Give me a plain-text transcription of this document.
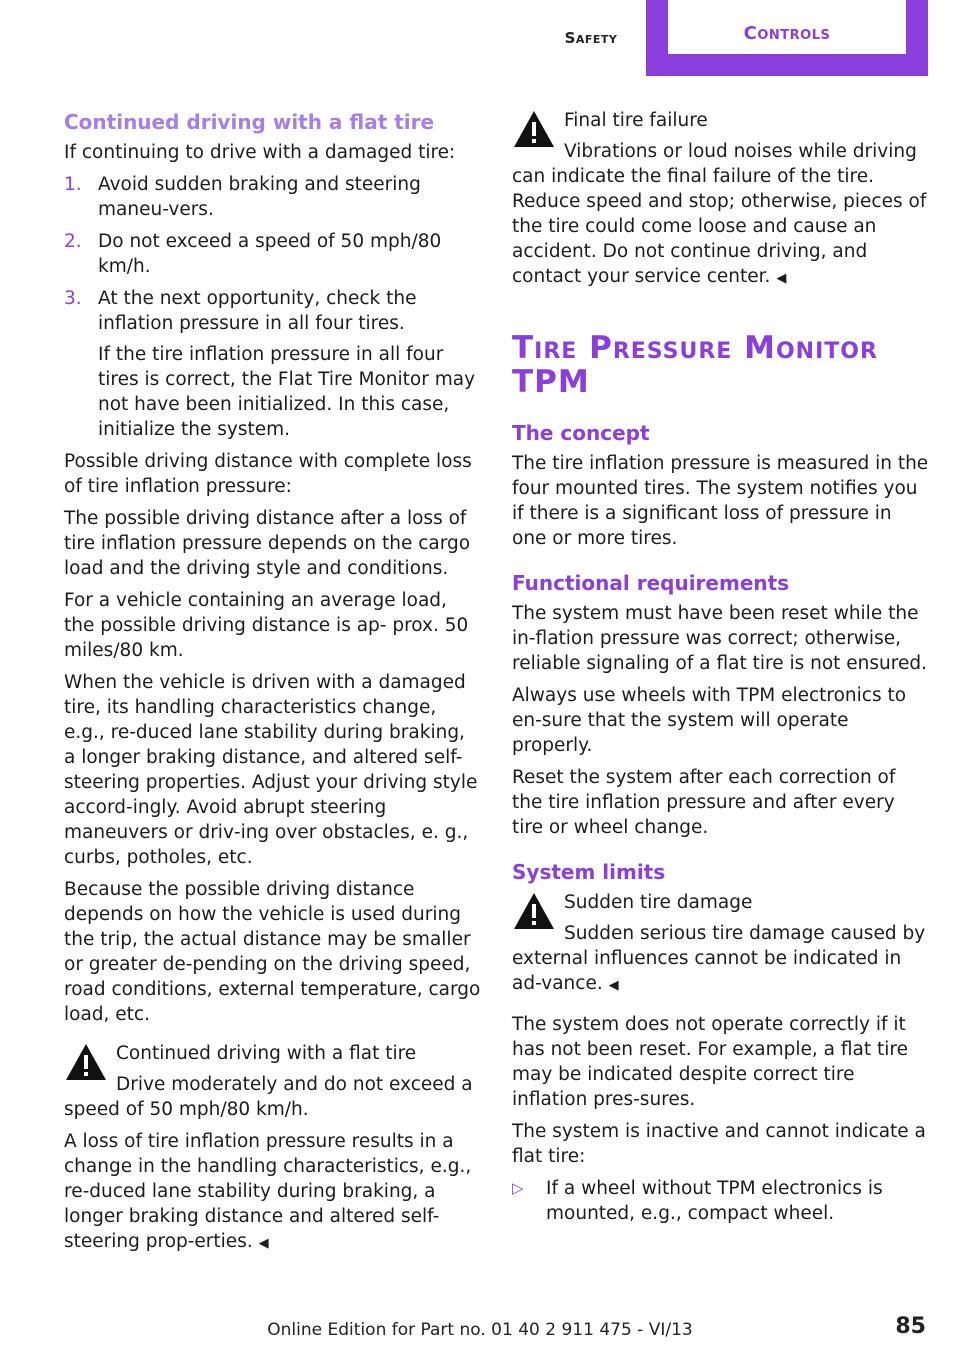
Safety	Controls
Continued driving with a flat tire

If continuing to drive with a damaged tire:

1. Avoid sudden braking and steering maneu‐vers.
2. Do not exceed a speed of 50 mph/80 km/h.
3. At the next opportunity, check the inflation pressure in all four tires.

If the tire inflation pressure in all four tires is correct, the Flat Tire Monitor may not have been initialized. In this case, initialize the system.

Possible driving distance with complete loss of tire inflation pressure:

The possible driving distance after a loss of tire inflation pressure depends on the cargo load and the driving style and conditions.

For a vehicle containing an average load, the possible driving distance is ap‐ prox. 50 miles/80 km.

When the vehicle is driven with a damaged tire, its handling characteristics change, e.g., re‐duced lane stability during braking, a longer braking distance, and altered self-steering properties. Adjust your driving style accord‐ingly. Avoid abrupt steering maneuvers or driv‐ing over obstacles, e. g., curbs, potholes, etc.

Because the possible driving distance depends on how the vehicle is used during the trip, the actual distance may be smaller or greater de‐pending on the driving speed, road conditions, external temperature, cargo load, etc.

Continued driving with a flat tire
Drive moderately and do not exceed a speed of 50 mph/80 km/h.

A loss of tire inflation pressure results in a change in the handling characteristics, e.g., re‐duced lane stability during braking, a longer braking distance and altered self-steering prop‐erties. ◀

Final tire failure
Vibrations or loud noises while driving can indicate the final failure of the tire. Reduce speed and stop; otherwise, pieces of the tire could come loose and cause an accident. Do not continue driving, and contact your service center. ◀
Tire Pressure Monitor TPM
The concept

The tire inflation pressure is measured in the four mounted tires. The system notifies you if there is a significant loss of pressure in one or more tires.

Functional requirements

The system must have been reset while the in‐flation pressure was correct; otherwise, reliable signaling of a flat tire is not ensured.

Always use wheels with TPM electronics to en‐sure that the system will operate properly.

Reset the system after each correction of the tire inflation pressure and after every tire or wheel change.

System limits
Sudden tire damage
Sudden serious tire damage caused by external influences cannot be indicated in ad‐vance. ◀

The system does not operate correctly if it has not been reset. For example, a flat tire may be indicated despite correct tire inflation pres‐sures.

The system is inactive and cannot indicate a flat tire:

▷ If a wheel without TPM electronics is mounted, e.g., compact wheel.
Online Edition for Part no. 01 40 2 911 475 - VI/13	85
